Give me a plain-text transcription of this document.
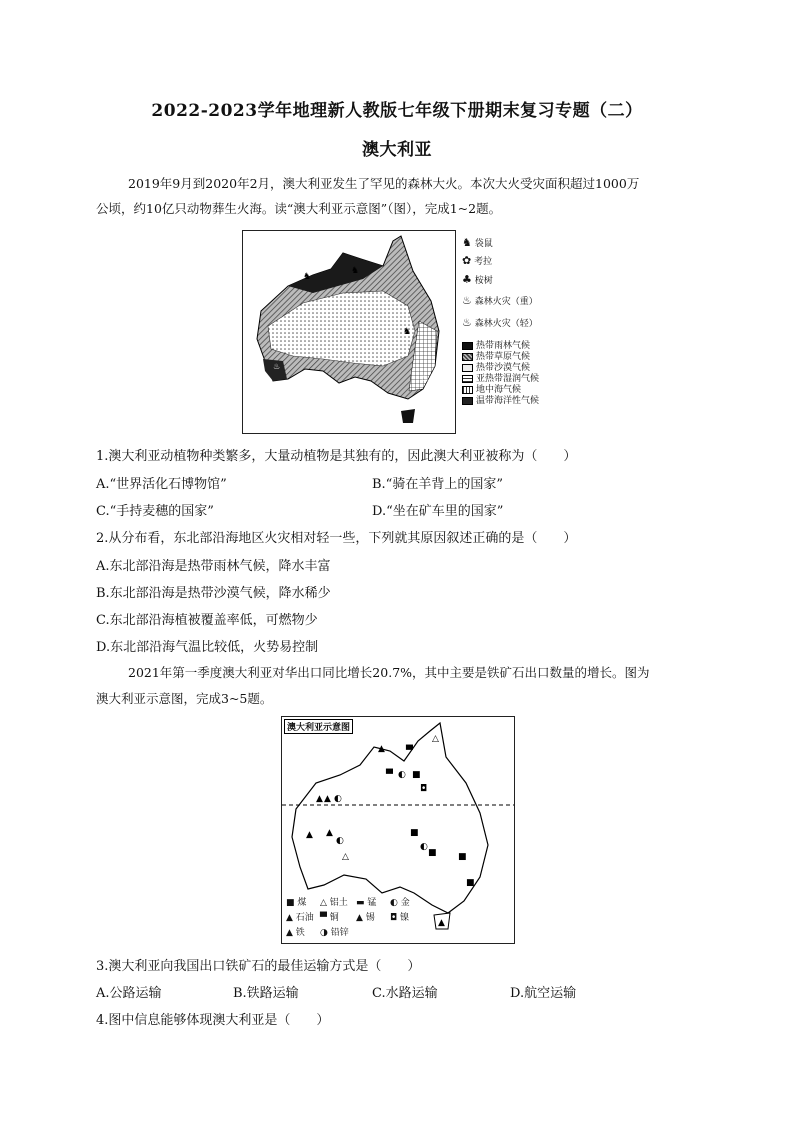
2022-2023学年地理新人教版七年级下册期末复习专题（二）
澳大利亚
2019年9月到2020年2月，澳大利亚发生了罕见的森林大火。本次大火受灾面积超过1000万
公顷，约10亿只动物葬生火海。读“澳大利亚示意图”（图），完成1~2题。
♞
♞
♞
♨
♨
♨
♞ 袋鼠
✿ 考拉
♣ 桉树
♨ 森林火灾（重）
♨ 森林火灾（轻）
热带雨林气候
热带草原气候
热带沙漠气候
亚热带湿润气候
地中海气候
温带海洋性气候
1.澳大利亚动植物种类繁多，大量动植物是其独有的，因此澳大利亚被称为（　　）
A.“世界活化石博物馆”	B.“骑在羊背上的国家”
C.“手持麦穗的国家”	D.“坐在矿车里的国家”
2.从分布看，东北部沿海地区火灾相对轻一些，下列就其原因叙述正确的是（　　）
A.东北部沿海是热带雨林气候，降水丰富
B.东北部沿海是热带沙漠气候，降水稀少
C.东北部沿海植被覆盖率低，可燃物少
D.东北部沿海气温比较低，火势易控制
2021年第一季度澳大利亚对华出口同比增长20.7%，其中主要是铁矿石出口数量的增长。图为
澳大利亚示意图，完成3~5题。
澳大利亚示意图
▀ ◐ ■
▲ ▲ ◐
◘
▲
◐
△
▲	■
◐
■ ■
■
▲
△
▀
▲
■ 煤 △ 铝土 ▬ 锰 ◐ 金
▲ 石油 ▀ 铜 ▲ 锡 ◘ 镍
▲ 铁 ◑ 铅锌
3.澳大利亚向我国出口铁矿石的最佳运输方式是（　　）
A.公路运输	B.铁路运输	C.水路运输	D.航空运输
4.图中信息能够体现澳大利亚是（　　）
